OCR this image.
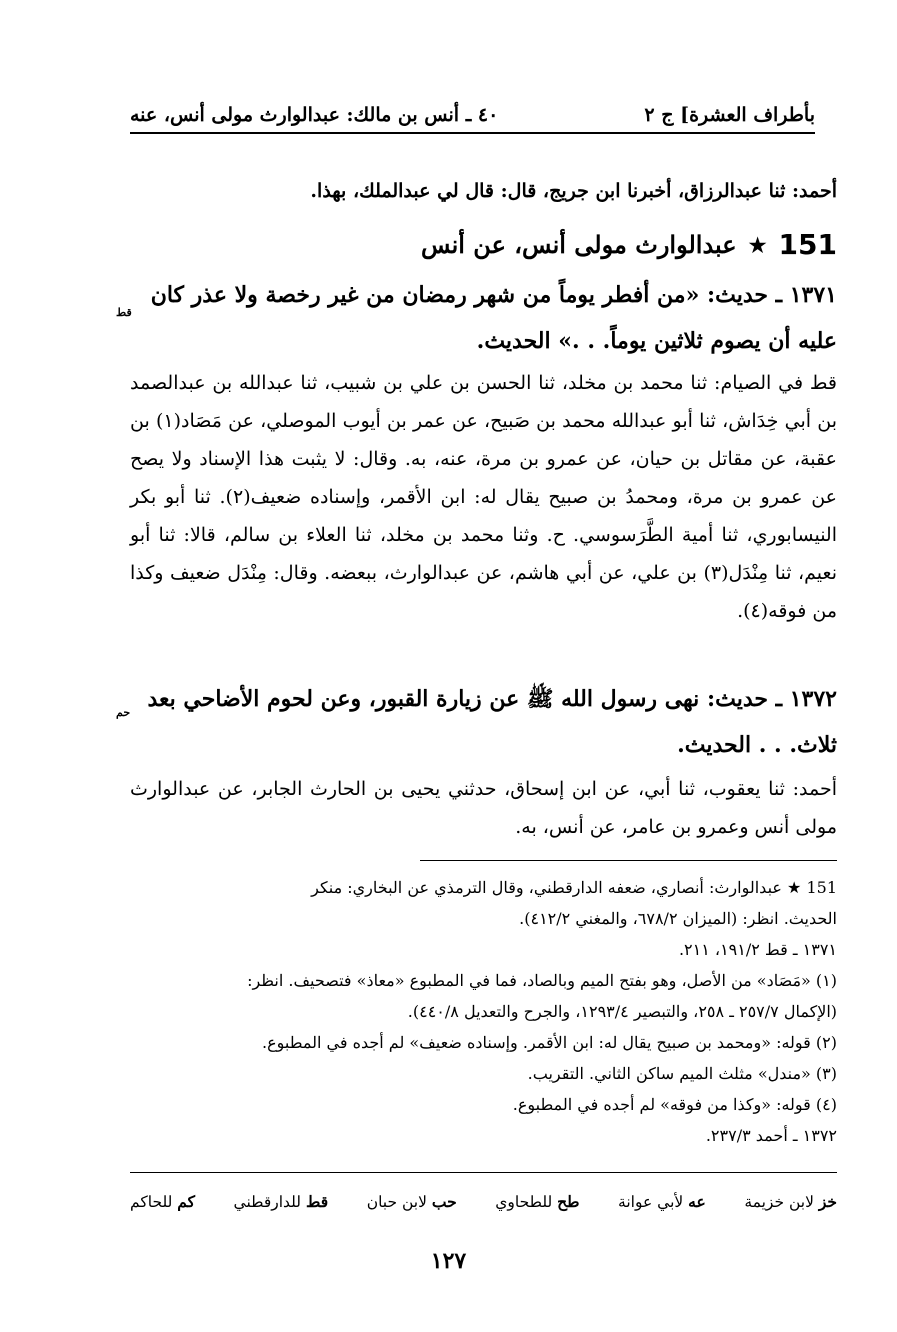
بأطراف العشرة] ج ٢
٤٠ ـ أنس بن مالك: عبدالوارث مولى أنس، عنه
أحمد: ثنا عبدالرزاق، أخبرنا ابن جريج، قال: قال لي عبدالملك، بهذا.
151
★
عبدالوارث مولى أنس، عن أنس
١٣٧١ ـ حديث: «من أفطر يوماً من شهر رمضان من غير رخصة ولا عذر كان عليه أن يصوم ثلاثين يوماً. . .» الحديث.
قط
قط في الصيام: ثنا محمد بن مخلد، ثنا الحسن بن علي بن شبيب، ثنا عبدالله بن عبدالصمد بن أبي خِدَاش، ثنا أبو عبدالله محمد بن صَبيح، عن عمر بن أيوب الموصلي، عن مَصَاد(١) بن عقبة، عن مقاتل بن حيان، عن عمرو بن مرة، عنه، به. وقال: لا يثبت هذا الإسناد ولا يصح عن عمرو بن مرة، ومحمدُ بن صبيح يقال له: ابن الأقمر، وإسناده ضعيف(٢). ثنا أبو بكر النيسابوري، ثنا أمية الطَّرَسوسي. ح. وثنا محمد بن مخلد، ثنا العلاء بن سالم، قالا: ثنا أبو نعيم، ثنا مِنْدَل(٣) بن علي، عن أبي هاشم، عن عبدالوارث، ببعضه. وقال: مِنْدَل ضعيف وكذا من فوقه(٤).
١٣٧٢ ـ حديث: نهى رسول الله ﷺ عن زيارة القبور، وعن لحوم الأضاحي بعد ثلاث. . . الحديث.
حم
أحمد: ثنا يعقوب، ثنا أبي، عن ابن إسحاق، حدثني يحيى بن الحارث الجابر، عن عبدالوارث مولى أنس وعمرو بن عامر، عن أنس، به.
151 ★ عبدالوارث: أنصاري، ضعفه الدارقطني، وقال الترمذي عن البخاري: منكر
الحديث. انظر: (الميزان ٦٧٨/٢، والمغني ٤١٢/٢).
١٣٧١ ـ قط ١٩١/٢، ٢١١.
(١) «مَصَاد» من الأصل، وهو بفتح الميم وبالصاد، فما في المطبوع «معاذ» فتصحيف. انظر:
(الإكمال ٢٥٧/٧ ـ ٢٥٨، والتبصير ١٢٩٣/٤، والجرح والتعديل ٤٤٠/٨).
(٢) قوله: «ومحمد بن صبيح يقال له: ابن الأقمر. وإسناده ضعيف» لم أجده في المطبوع.
(٣) «مندل» مثلث الميم ساكن الثاني. التقريب.
(٤) قوله: «وكذا من فوقه» لم أجده في المطبوع.
١٣٧٢ ـ أحمد ٢٣٧/٣.
خز لابن خزيمة
عه لأبي عوانة
طح للطحاوي
حب لابن حبان
قط للدارقطني
كم للحاكم
١٢٧
